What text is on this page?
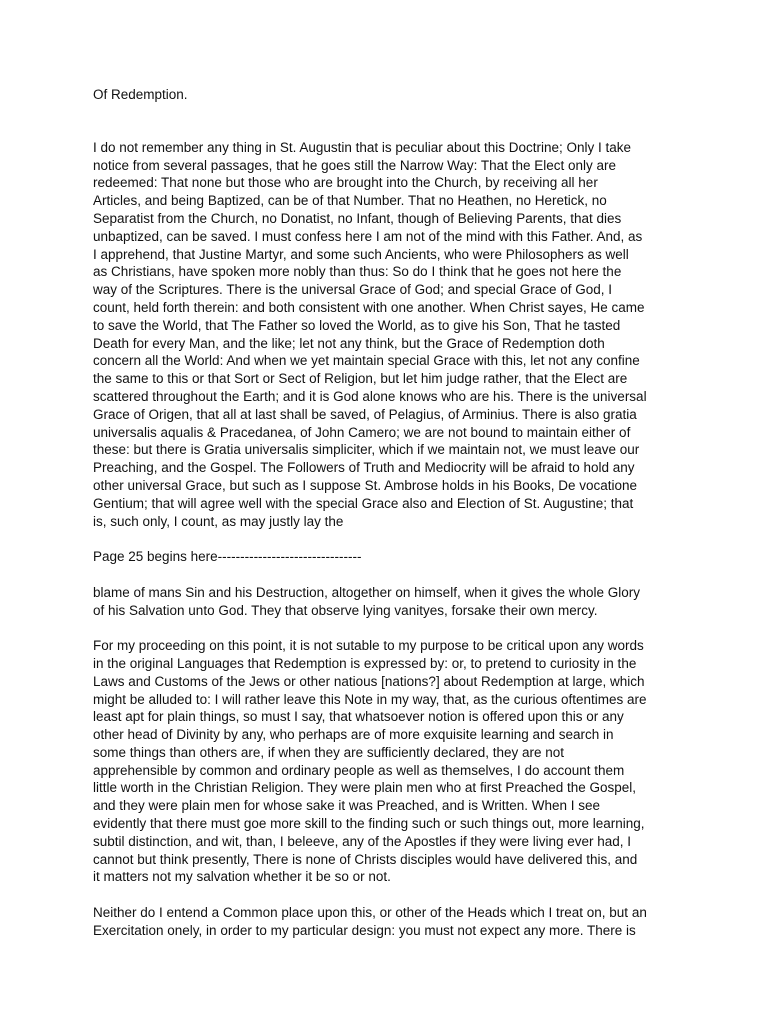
Of Redemption.
I do not remember any thing in St. Augustin that is peculiar about this Doctrine; Only I take
notice from several passages, that he goes still the Narrow Way: That the Elect only are
redeemed: That none but those who are brought into the Church, by receiving all her
Articles, and being Baptized, can be of that Number. That no Heathen, no Heretick, no
Separatist from the Church, no Donatist, no Infant, though of Believing Parents, that dies
unbaptized, can be saved. I must confess here I am not of the mind with this Father. And, as
I apprehend, that Justine Martyr, and some such Ancients, who were Philosophers as well
as Christians, have spoken more nobly than thus: So do I think that he goes not here the
way of the Scriptures. There is the universal Grace of God; and special Grace of God, I
count, held forth therein: and both consistent with one another. When Christ sayes, He came
to save the World, that The Father so loved the World, as to give his Son, That he tasted
Death for every Man, and the like; let not any think, but the Grace of Redemption doth
concern all the World: And when we yet maintain special Grace with this, let not any confine
the same to this or that Sort or Sect of Religion, but let him judge rather, that the Elect are
scattered throughout the Earth; and it is God alone knows who are his. There is the universal
Grace of Origen, that all at last shall be saved, of Pelagius, of Arminius. There is also gratia
universalis aqualis & Pracedanea, of John Camero; we are not bound to maintain either of
these: but there is Gratia universalis simpliciter, which if we maintain not, we must leave our
Preaching, and the Gospel. The Followers of Truth and Mediocrity will be afraid to hold any
other universal Grace, but such as I suppose St. Ambrose holds in his Books, De vocatione
Gentium; that will agree well with the special Grace also and Election of St. Augustine; that
is, such only, I count, as may justly lay the
Page 25 begins here--------------------------------
blame of mans Sin and his Destruction, altogether on himself, when it gives the whole Glory
of his Salvation unto God. They that observe lying vanityes, forsake their own mercy.
For my proceeding on this point, it is not sutable to my purpose to be critical upon any words
in the original Languages that Redemption is expressed by: or, to pretend to curiosity in the
Laws and Customs of the Jews or other natious [nations?] about Redemption at large, which
might be alluded to: I will rather leave this Note in my way, that, as the curious oftentimes are
least apt for plain things, so must I say, that whatsoever notion is offered upon this or any
other head of Divinity by any, who perhaps are of more exquisite learning and search in
some things than others are, if when they are sufficiently declared, they are not
apprehensible by common and ordinary people as well as themselves, I do account them
little worth in the Christian Religion. They were plain men who at first Preached the Gospel,
and they were plain men for whose sake it was Preached, and is Written. When I see
evidently that there must goe more skill to the finding such or such things out, more learning,
subtil distinction, and wit, than, I beleeve, any of the Apostles if they were living ever had, I
cannot but think presently, There is none of Christs disciples would have delivered this, and
it matters not my salvation whether it be so or not.
Neither do I entend a Common place upon this, or other of the Heads which I treat on, but an
Exercitation onely, in order to my particular design: you must not expect any more. There is
